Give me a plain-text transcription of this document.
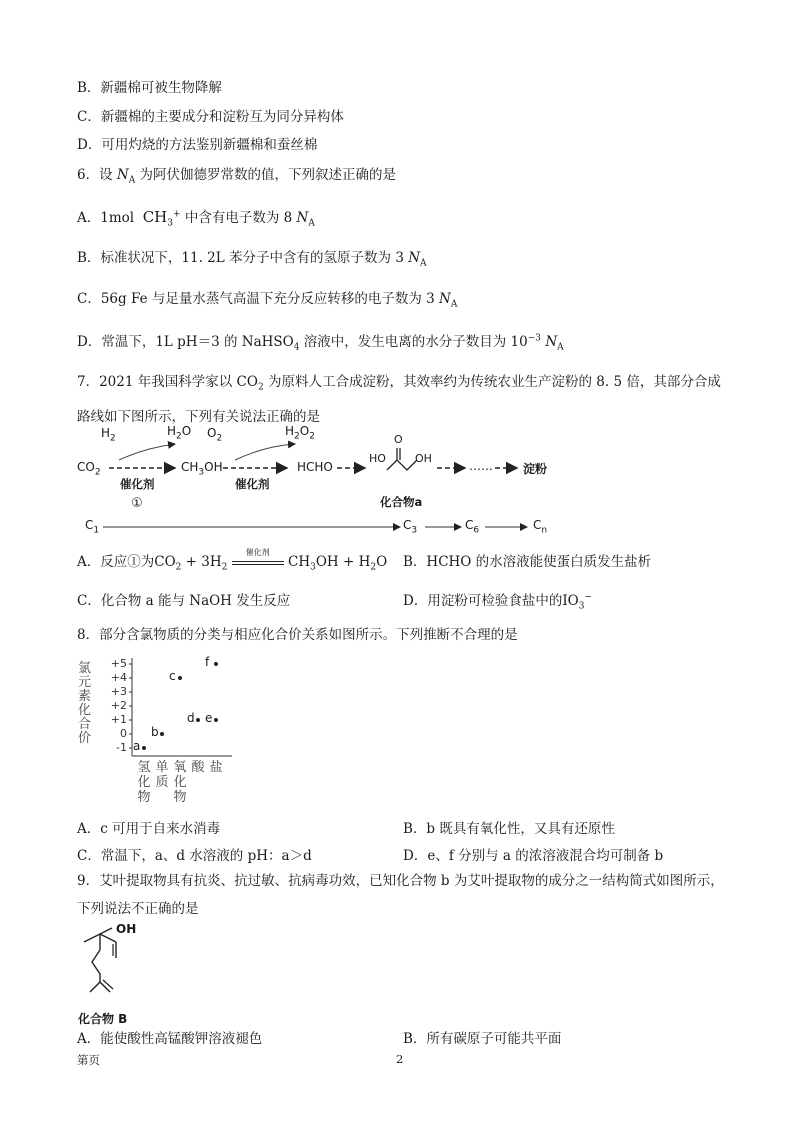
B．新疆棉可被生物降解
C．新疆棉的主要成分和淀粉互为同分异构体
D．可用灼烧的方法鉴别新疆棉和蚕丝棉
6．设 $N_A$ 为阿伏伽德罗常数的值，下列叙述正确的是
A．1mol $CH_3^+$ 中含有电子数为 8 $N_A$
B．标准状况下，11. 2L 苯分子中含有的氢原子数为 3 $N_A$
C．56g Fe 与足量水蒸气高温下充分反应转移的电子数为 3 $N_A$
D．常温下，1L pH＝3 的 NaHSO$_4$ 溶液中，发生电离的水分子数目为 $10^{-3}$ $N_A$
7．2021 年我国科学家以 $CO_2$ 为原料人工合成淀粉，其效率约为传统农业生产淀粉的 8. 5 倍，其部分合成
路线如下图所示，下列有关说法正确的是
$H_2$
$H_2O$ $O_2$
$H_2O_2$
$CO_2$
催化剂
$CH_3OH$
催化剂
HCHO
HO	OH
O
……	淀粉
①	化合物a
$C_1$	$C_3$	$C_6$	$C_n$
A．反应①为$CO_2 + 3H_2$
催化剂
$CH_3OH + H_2O$ B．HCHO 的水溶液能使蛋白质发生盐析
C．化合物 a 能与 NaOH 发生反应	D．用淀粉可检验食盐中的$IO_3^-$
8．部分含氯物质的分类与相应化合价关系如图所示。下列推断不合理的是
氯元素化合价
+5
+4
+3
+2
+1
0
-1
氢
化
物
单
质
氧
化
物
酸 盐
a
b
c
d e
f
A．c 可用于自来水消毒	B．b 既具有氧化性，又具有还原性
C．常温下，a、d 水溶液的 pH：a＞d	D．e、f 分别与 a 的浓溶液混合均可制备 b
9．艾叶提取物具有抗炎、抗过敏、抗病毒功效，已知化合物 b 为艾叶提取物的成分之一结构简式如图所示，
下列说法不正确的是
OH
化合物 B
A．能使酸性高锰酸钾溶液褪色	B．所有碳原子可能共平面
第页	2
